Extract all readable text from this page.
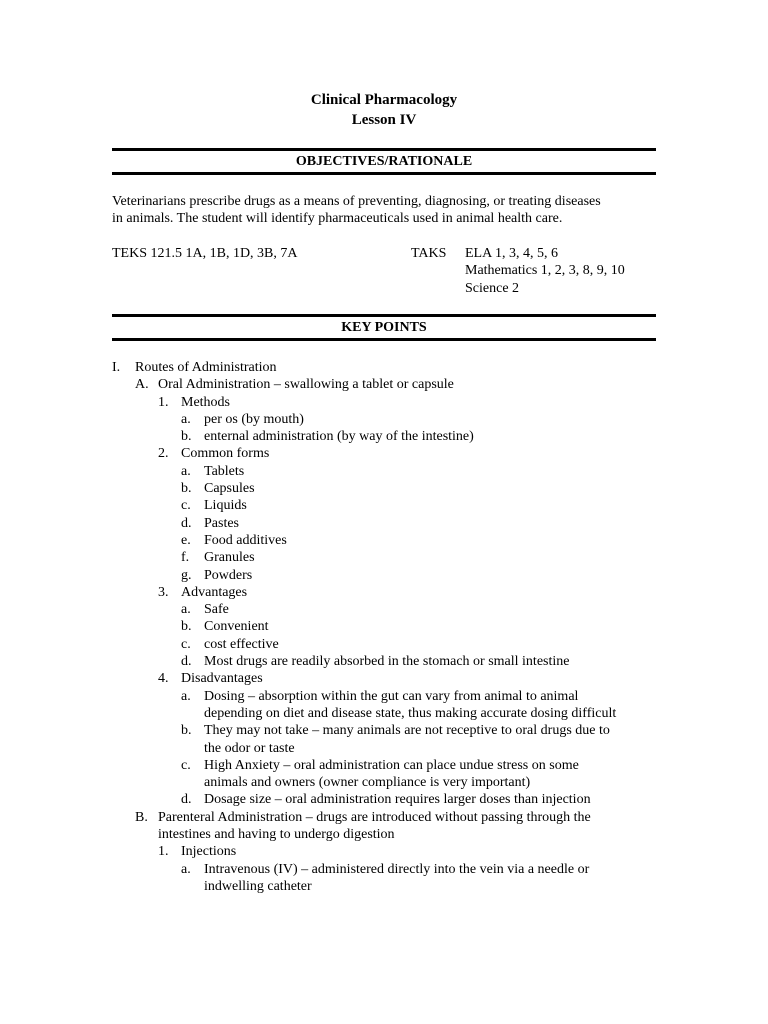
Clinical Pharmacology
Lesson IV
OBJECTIVES/RATIONALE
Veterinarians prescribe drugs as a means of preventing, diagnosing, or treating diseases
in animals. The student will identify pharmaceuticals used in animal health care.
TEKS 121.5 1A, 1B, 1D, 3B, 7A	TAKS ELA 1, 3, 4, 5, 6
Mathematics 1, 2, 3, 8, 9, 10
Science 2
KEY POINTS
I. Routes of Administration
A. Oral Administration – swallowing a tablet or capsule
1. Methods
a. per os (by mouth)
b. enternal administration (by way of the intestine)
2. Common forms
a. Tablets
b. Capsules
c. Liquids
d. Pastes
e. Food additives
f. Granules
g. Powders
3. Advantages
a. Safe
b. Convenient
c. cost effective
d. Most drugs are readily absorbed in the stomach or small intestine
4. Disadvantages
a. Dosing – absorption within the gut can vary from animal to animal
depending on diet and disease state, thus making accurate dosing difficult
b. They may not take – many animals are not receptive to oral drugs due to
the odor or taste
c. High Anxiety – oral administration can place undue stress on some
animals and owners (owner compliance is very important)
d. Dosage size – oral administration requires larger doses than injection
B. Parenteral Administration – drugs are introduced without passing through the
intestines and having to undergo digestion
1. Injections
a. Intravenous (IV) – administered directly into the vein via a needle or
indwelling catheter
